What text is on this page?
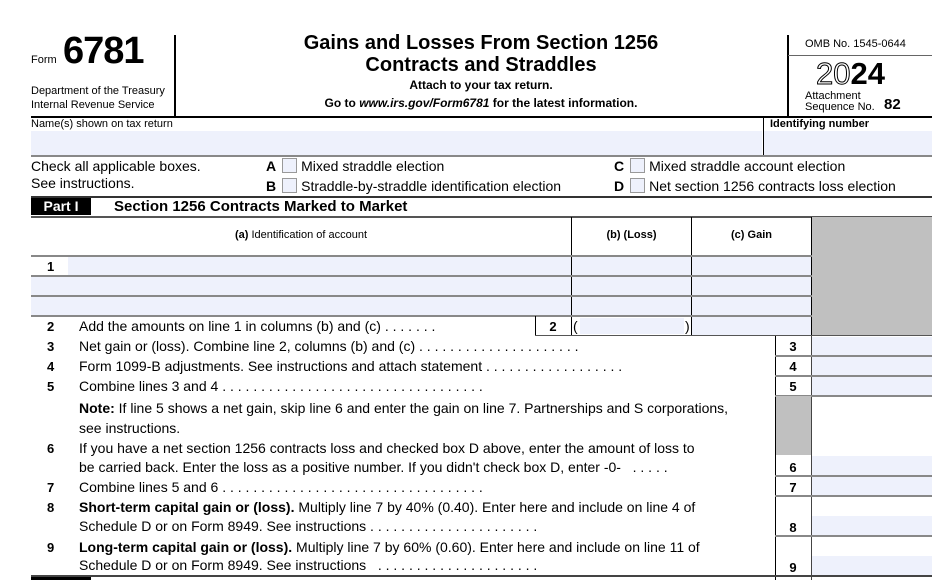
Form 6781
Department of the Treasury
Internal Revenue Service
Gains and Losses From Section 1256
Contracts and Straddles
Attach to your tax return.
Go to www.irs.gov/Form6781 for the latest information.
OMB No. 1545-0644
2024
Attachment
Sequence No. 82
Name(s) shown on tax return	Identifying number
Check all applicable boxes.
See instructions.
A Mixed straddle election
B Straddle-by-straddle identification election
C Mixed straddle account election
D Net section 1256 contracts loss election
Part I	Section 1256 Contracts Marked to Market
(a) Identification of account	(b) (Loss)	(c) Gain
1
2 Add the amounts on line 1 in columns (b) and (c) . . . . . . .	2	(	)
3 Net gain or (loss). Combine line 2, columns (b) and (c) . . . . . . . . . . . . . . . . . . . . .	3
4 Form 1099-B adjustments. See instructions and attach statement . . . . . . . . . . . . . . . . . .	4
5 Combine lines 3 and 4 . . . . . . . . . . . . . . . . . . . . . . . . . . . . . . . . . .	5
Note: If line 5 shows a net gain, skip line 6 and enter the gain on line 7. Partnerships and S corporations,
see instructions.
6 If you have a net section 1256 contracts loss and checked box D above, enter the amount of loss to
be carried back. Enter the loss as a positive number. If you didn't check box D, enter -0- . . . . .	6
7 Combine lines 5 and 6 . . . . . . . . . . . . . . . . . . . . . . . . . . . . . . . . . .	7
8 Short-term capital gain or (loss). Multiply line 7 by 40% (0.40). Enter here and include on line 4 of
Schedule D or on Form 8949. See instructions . . . . . . . . . . . . . . . . . . . . . .	8
9 Long-term capital gain or (loss). Multiply line 7 by 60% (0.60). Enter here and include on line 11 of
Schedule D or on Form 8949. See instructions . . . . . . . . . . . . . . . . . . . . .	9
